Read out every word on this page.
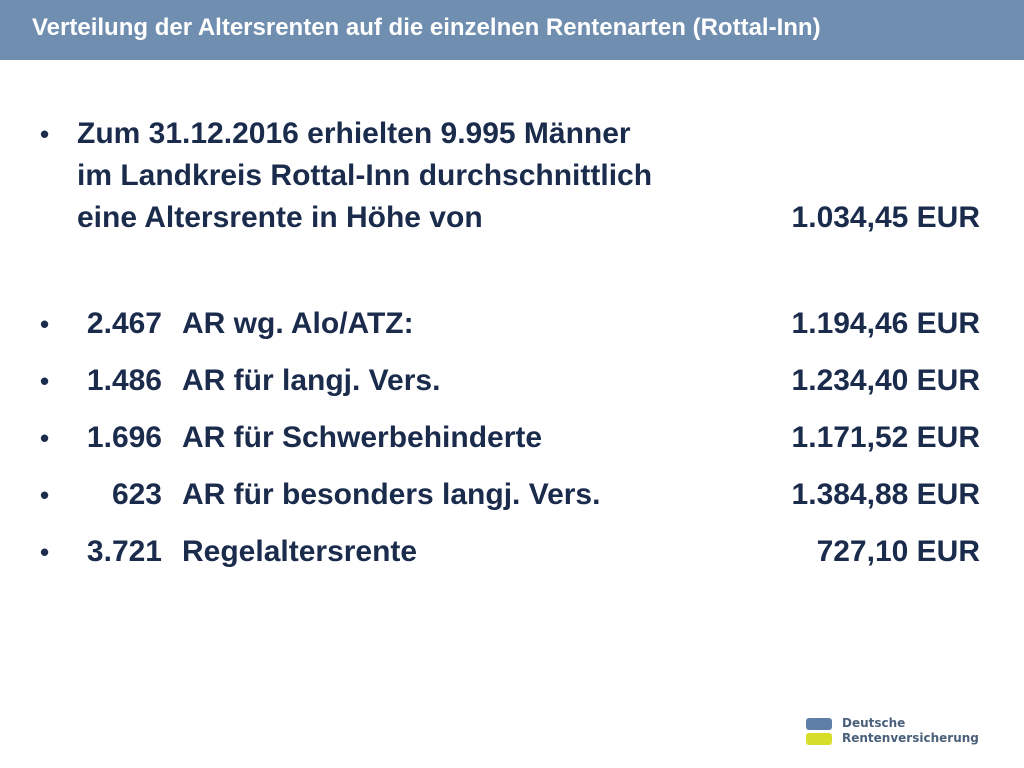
Verteilung der Altersrenten auf die einzelnen Rentenarten (Rottal-Inn)
• Zum 31.12.2016 erhielten 9.995 Männer
im Landkreis Rottal-Inn durchschnittlich
eine Altersrente in Höhe von	1.034,45 EUR
•	2.467 AR wg. Alo/ATZ:	1.194,46 EUR
•	1.486 AR für langj. Vers.	1.234,40 EUR
•	1.696 AR für Schwerbehinderte	1.171,52 EUR
•	623 AR für besonders langj. Vers.	1.384,88 EUR
•	3.721 Regelaltersrente	727,10 EUR
Deutsche
Rentenversicherung
